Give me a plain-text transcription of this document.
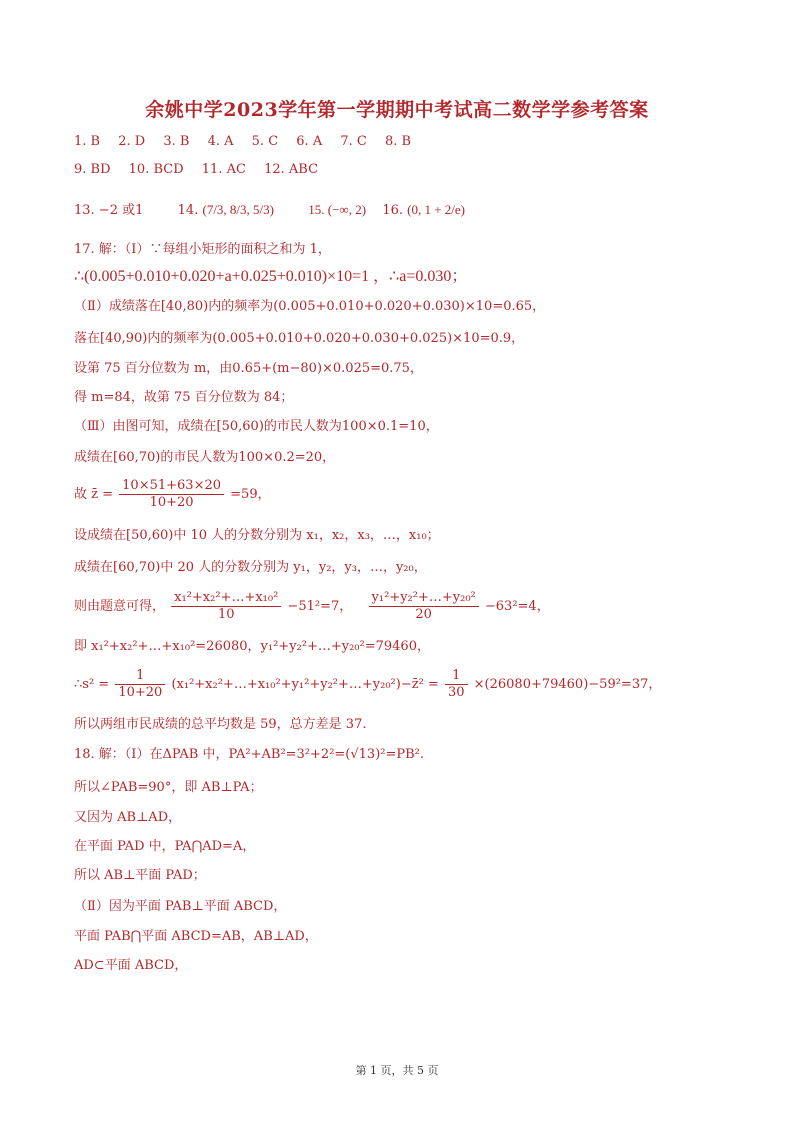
余姚中学2023学年第一学期期中考试高二数学学参考答案
1. B 2. D 3. B 4. A 5. C 6. A 7. C 8. B
9. BD 10. BCD 11. AC 12. ABC
13. −2 或1	14. (7/3, 8/3, 5/3)	15. (−∞, 2) 16. (0, 1 + 2/e)
17. 解：（Ⅰ）∵每组小矩形的面积之和为 1，
∴(0.005+0.010+0.020+a+0.025+0.010)×10=1 ，∴a=0.030；
（Ⅱ）成绩落在[40,80)内的频率为(0.005+0.010+0.020+0.030)×10=0.65，
落在[40,90)内的频率为(0.005+0.010+0.020+0.030+0.025)×10=0.9，
设第 75 百分位数为 m，由0.65+(m−80)×0.025=0.75，
得 m=84，故第 75 百分位数为 84；
（Ⅲ）由图可知，成绩在[50,60)的市民人数为100×0.1=10，
成绩在[60,70)的市民人数为100×0.2=20，
故 z̄ = $\frac{10\times 51+63\times 20}{10+20} =59$，
设成绩在[50,60)中 10 人的分数分别为 x₁，x₂，x₃，…，x₁₀；
成绩在[60,70)中 20 人的分数分别为 y₁，y₂，y₃，…，y₂₀，
则由题意可得， $\frac{\text{x₁²+x₂²+…+x₁₀²}}{10} -51^2=7$， $\frac{\text{y₁²+y₂²+…+y₂₀²}}{20} -63^2=4$，
即 x₁²+x₂²+…+x₁₀²=26080，y₁²+y₂²+…+y₂₀²=79460，
∴s² = $\frac{1}{10+20}$ (x₁²+x₂²+…+x₁₀²+y₁²+y₂²+…+y₂₀²)−z̄² = $\frac{1}{30} \times(26080+79460)-59^2=37$，
所以两组市民成绩的总平均数是 59，总方差是 37.
18. 解：（Ⅰ）在ΔPAB 中，PA²+AB²=3²+2²=(√13)²=PB².
所以∠PAB=90°，即 AB⊥PA；
又因为 AB⊥AD，
在平面 PAD 中，PA⋂AD=A，
所以 AB⊥平面 PAD；
（Ⅱ）因为平面 PAB⊥平面 ABCD，
平面 PAB⋂平面 ABCD=AB，AB⊥AD，
AD⊂平面 ABCD，
第 1 页，共 5 页
